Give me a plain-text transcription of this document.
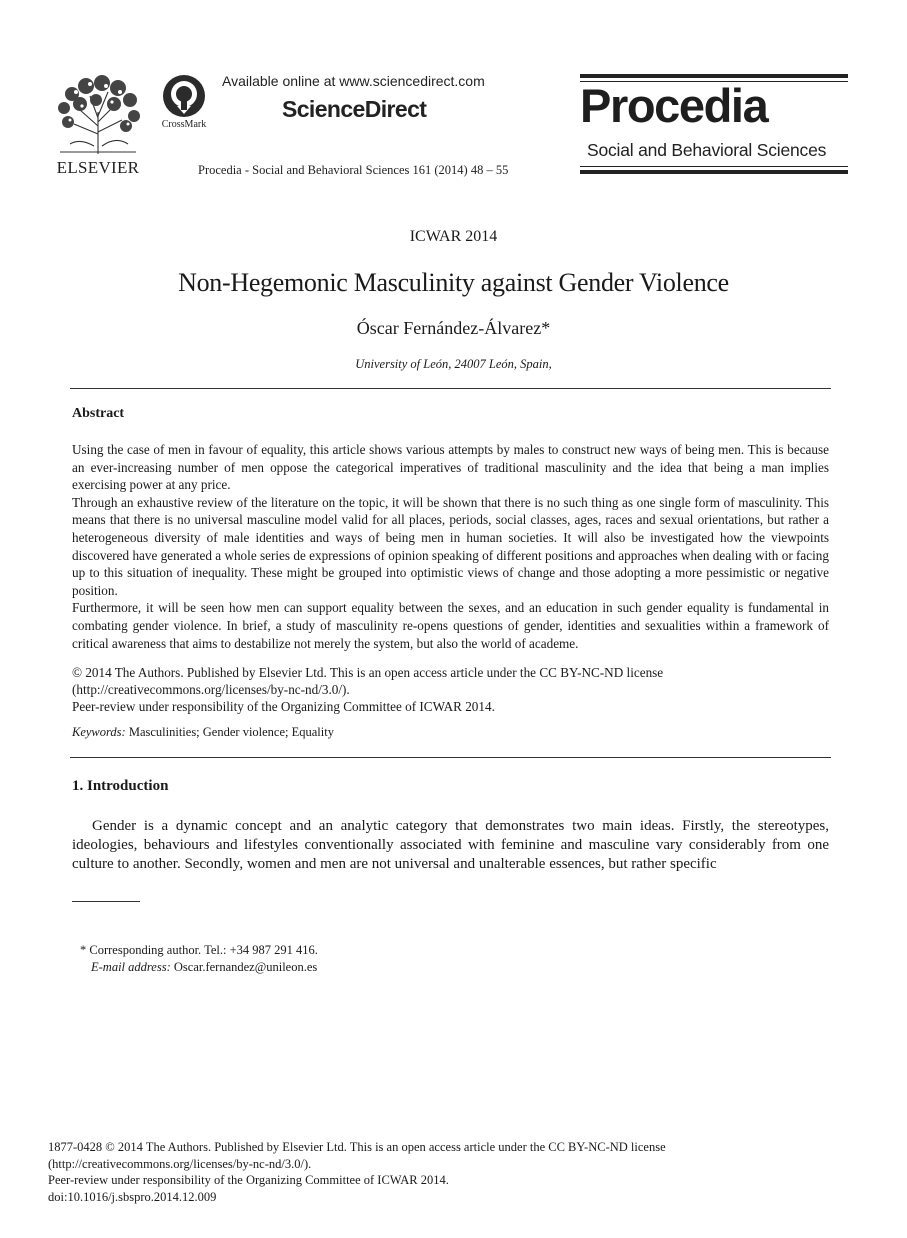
ELSEVIER
CrossMark
Available online at www.sciencedirect.com
ScienceDirect
Procedia - Social and Behavioral Sciences 161 (2014) 48 – 55
Procedia
Social and Behavioral Sciences
ICWAR 2014
Non-Hegemonic Masculinity against Gender Violence
Óscar Fernández-Álvarez*
University of León, 24007 León, Spain,
Abstract

Using the case of men in favour of equality, this article shows various attempts by males to construct new ways of being men. This is because an ever-increasing number of men oppose the categorical imperatives of traditional masculinity and the idea that being a man implies exercising power at any price.

Through an exhaustive review of the literature on the topic, it will be shown that there is no such thing as one single form of masculinity. This means that there is no universal masculine model valid for all places, periods, social classes, ages, races and sexual orientations, but rather a heterogeneous diversity of male identities and ways of being men in human societies. It will also be investigated how the viewpoints discovered have generated a whole series de expressions of opinion speaking of different positions and approaches when dealing with or facing up to this situation of inequality. These might be grouped into optimistic views of change and those adopting a more pessimistic or negative position.

Furthermore, it will be seen how men can support equality between the sexes, and an education in such gender equality is fundamental in combating gender violence. In brief, a study of masculinity re-opens questions of gender, identities and sexualities within a framework of critical awareness that aims to destabilize not merely the system, but also the world of academe.

© 2014 The Authors. Published by Elsevier Ltd. This is an open access article under the CC BY-NC-ND license

(http://creativecommons.org/licenses/by-nc-nd/3.0/).

Peer-review under responsibility of the Organizing Committee of ICWAR 2014.

Keywords: Masculinities; Gender violence; Equality
1. Introduction

Gender is a dynamic concept and an analytic category that demonstrates two main ideas. Firstly, the stereotypes, ideologies, behaviours and lifestyles conventionally associated with feminine and masculine vary considerably from one culture to another. Secondly, women and men are not universal and unalterable essences, but rather specific

* Corresponding author. Tel.: +34 987 291 416.
E-mail address: Oscar.fernandez@unileon.es

1877-0428 © 2014 The Authors. Published by Elsevier Ltd. This is an open access article under the CC BY-NC-ND license

(http://creativecommons.org/licenses/by-nc-nd/3.0/).

Peer-review under responsibility of the Organizing Committee of ICWAR 2014.

doi:10.1016/j.sbspro.2014.12.009
